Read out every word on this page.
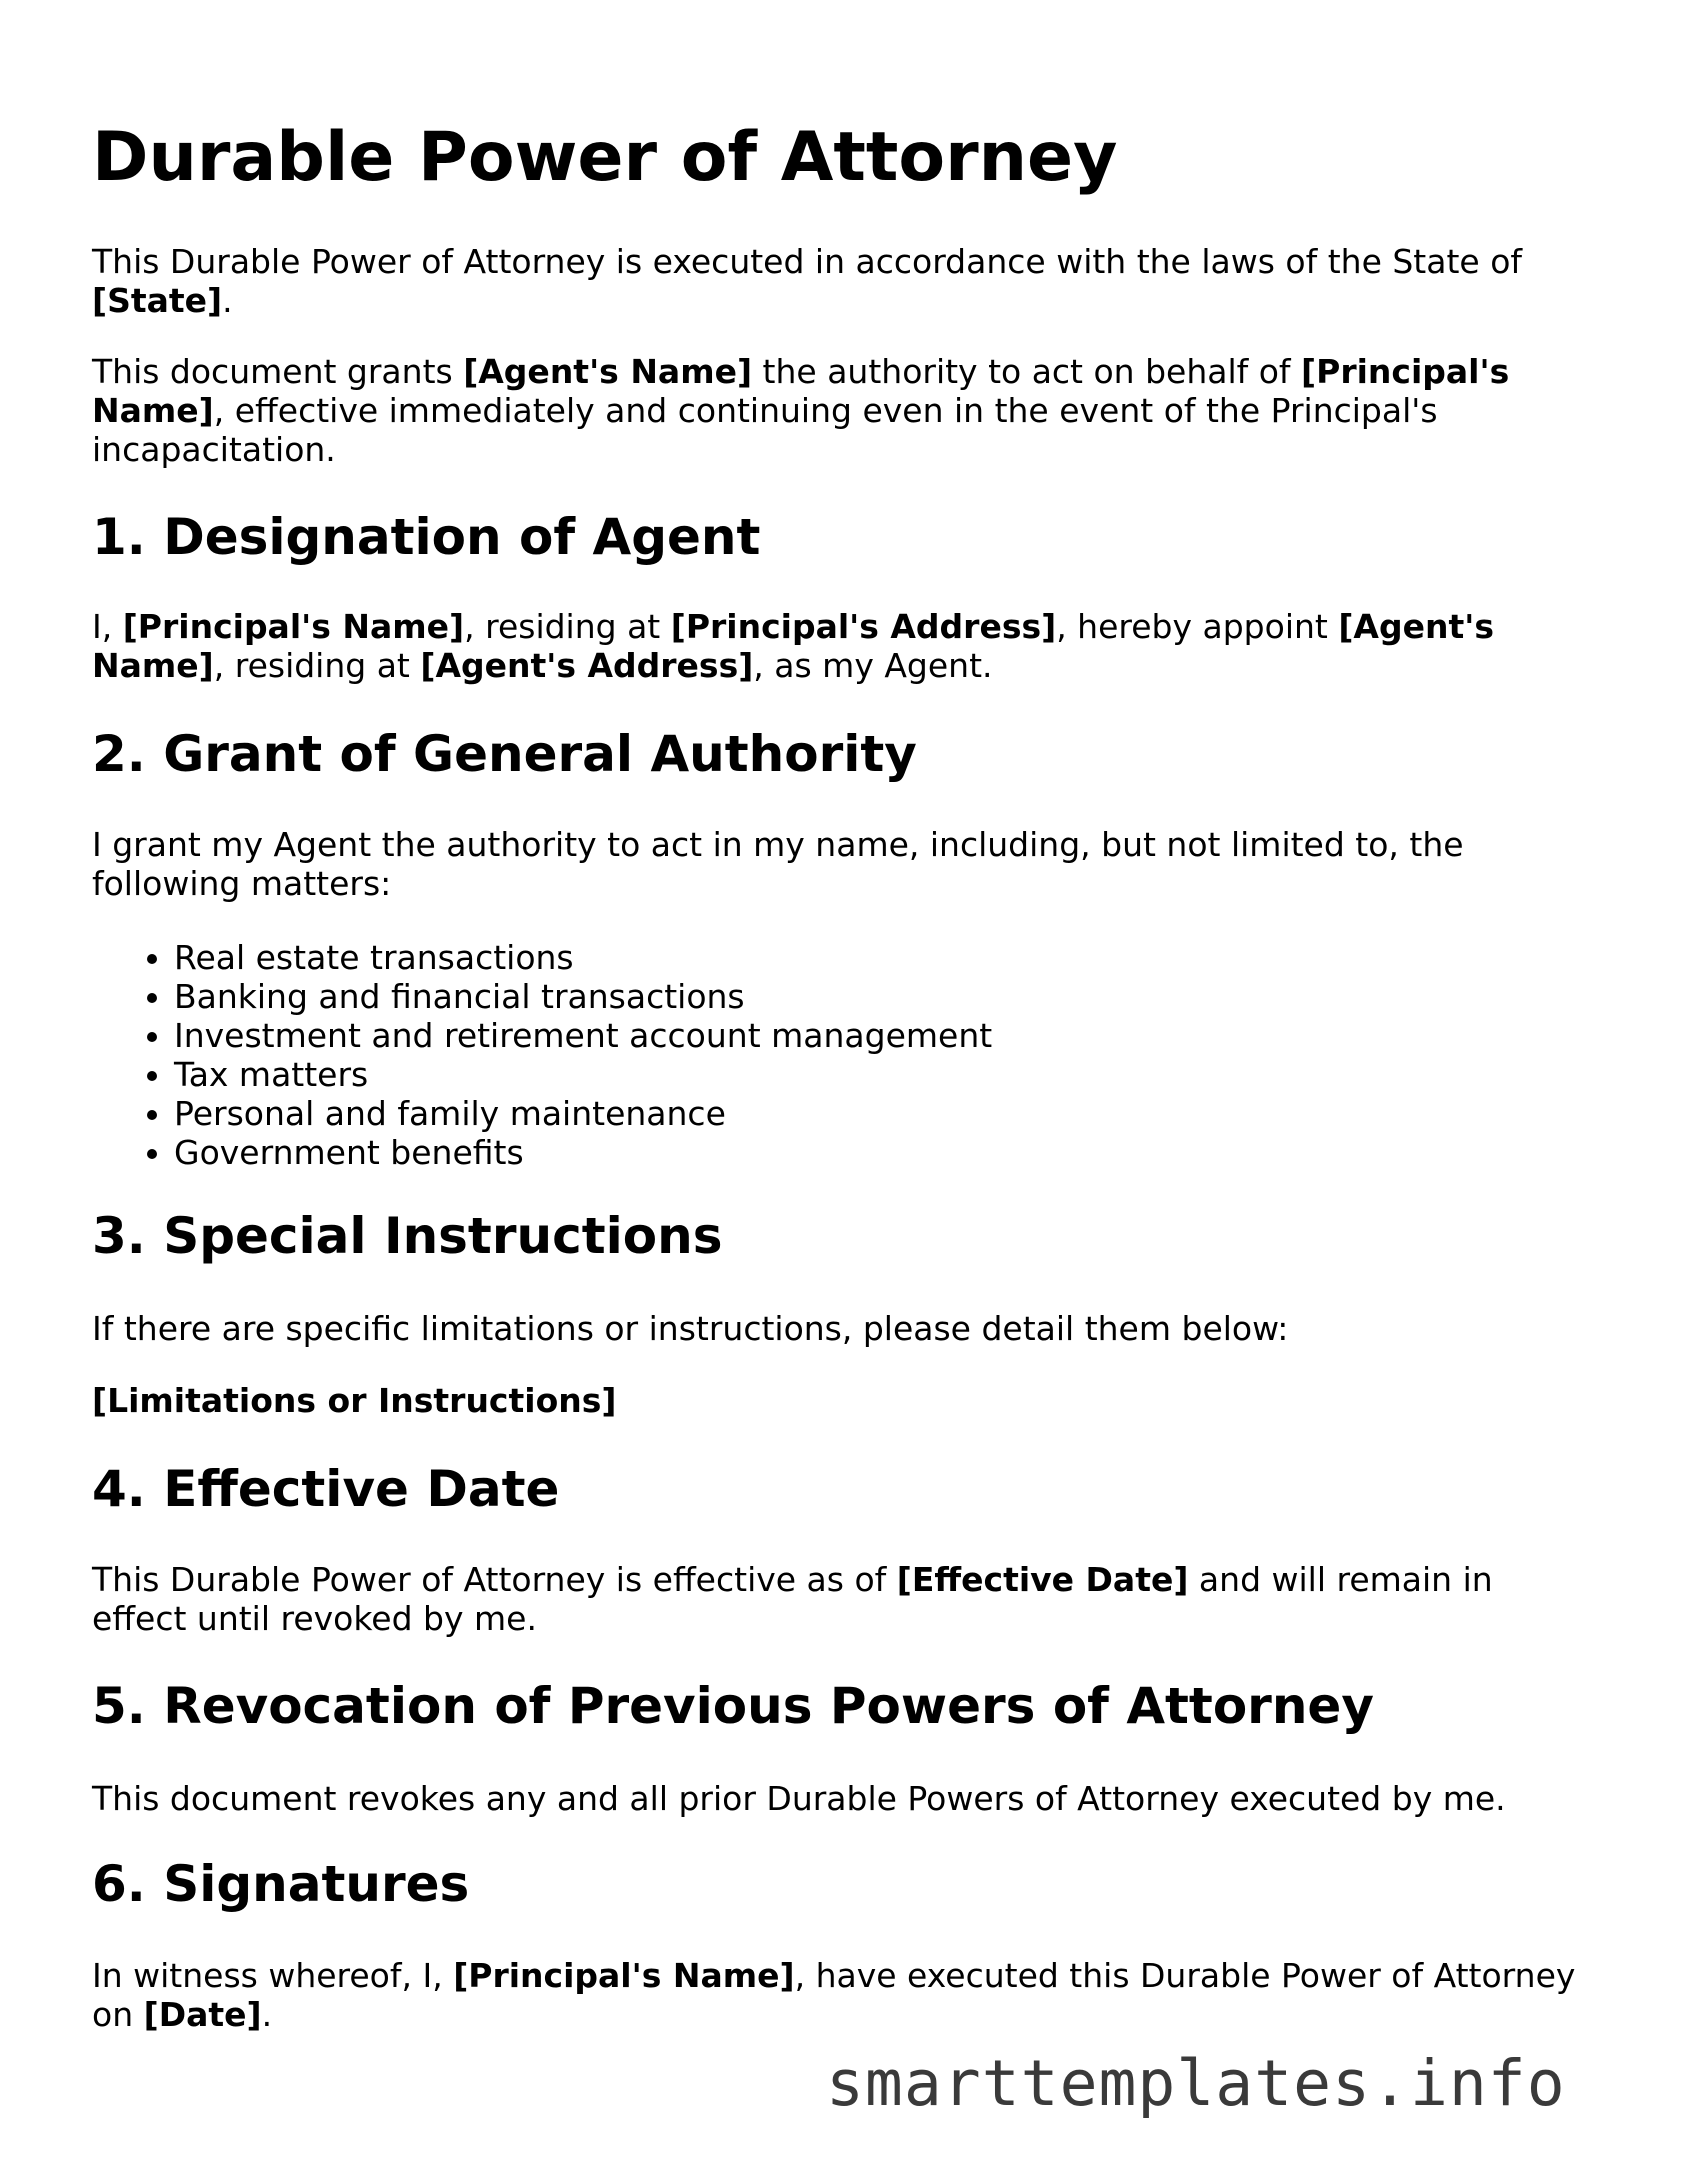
Durable Power of Attorney

This Durable Power of Attorney is executed in accordance with the laws of the State of [State].

This document grants [Agent's Name] the authority to act on behalf of [Principal's Name], effective immediately and continuing even in the event of the Principal's incapacitation.

1. Designation of Agent

I, [Principal's Name], residing at [Principal's Address], hereby appoint [Agent's Name], residing at [Agent's Address], as my Agent.

2. Grant of General Authority

I grant my Agent the authority to act in my name, including, but not limited to, the following matters:

• Real estate transactions
• Banking and financial transactions
• Investment and retirement account management
• Tax matters
• Personal and family maintenance
• Government benefits
3. Special Instructions

If there are specific limitations or instructions, please detail them below:

[Limitations or Instructions]

4. Effective Date

This Durable Power of Attorney is effective as of [Effective Date] and will remain in effect until revoked by me.

5. Revocation of Previous Powers of Attorney

This document revokes any and all prior Durable Powers of Attorney executed by me.

6. Signatures

In witness whereof, I, [Principal's Name], have executed this Durable Power of Attorney on [Date].

smarttemplates.info
